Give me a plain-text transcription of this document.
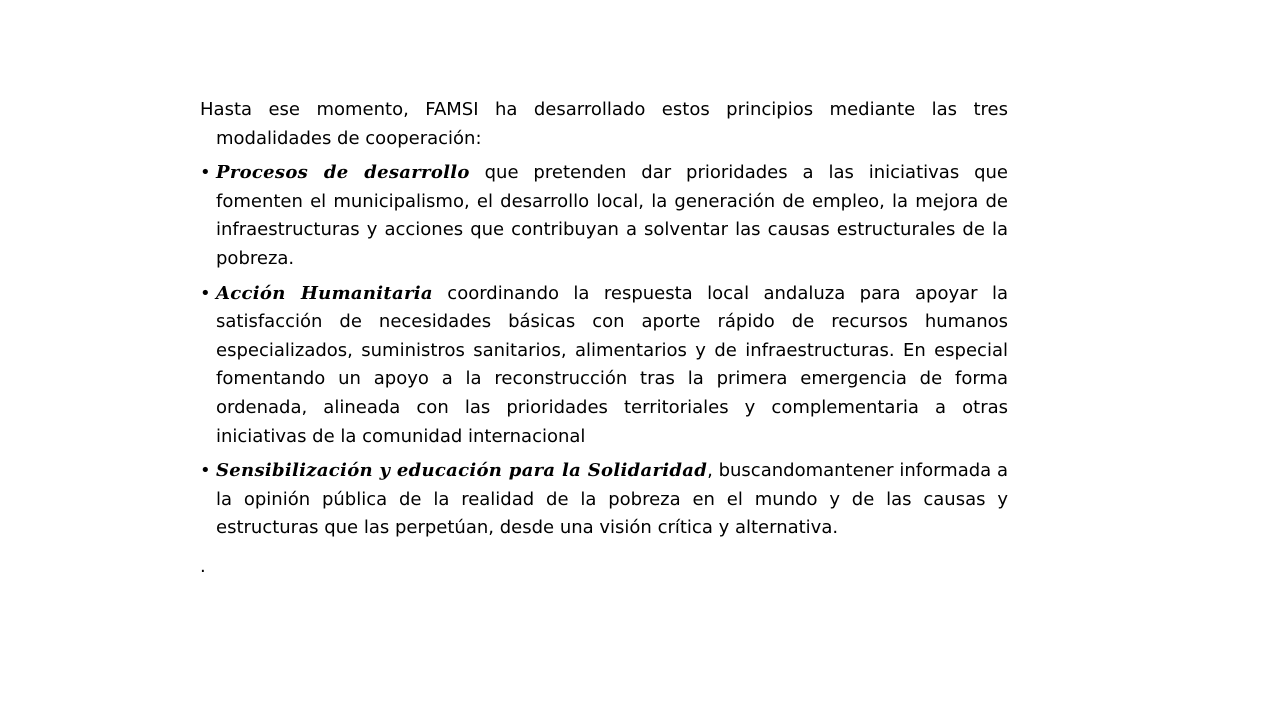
Hasta ese momento, FAMSI ha desarrollado estos principios mediante las tres modalidades de cooperación:

• Procesos de desarrollo que pretenden dar prioridades a las iniciativas que fomenten el municipalismo, el desarrollo local, la generación de empleo, la mejora de infraestructuras y acciones que contribuyan a solventar las causas estructurales de la pobreza.

• Acción Humanitaria coordinando la respuesta local andaluza para apoyar la satisfacción de necesidades básicas con aporte rápido de recursos humanos especializados, suministros sanitarios, alimentarios y de infraestructuras. En especial fomentando un apoyo a la reconstrucción tras la primera emergencia de forma ordenada, alineada con las prioridades territoriales y complementaria a otras iniciativas de la comunidad internacional

• Sensibilización y educación para la Solidaridad, buscandomantener informada a la opinión pública de la realidad de la pobreza en el mundo y de las causas y estructuras que las perpetúan, desde una visión crítica y alternativa.

.
